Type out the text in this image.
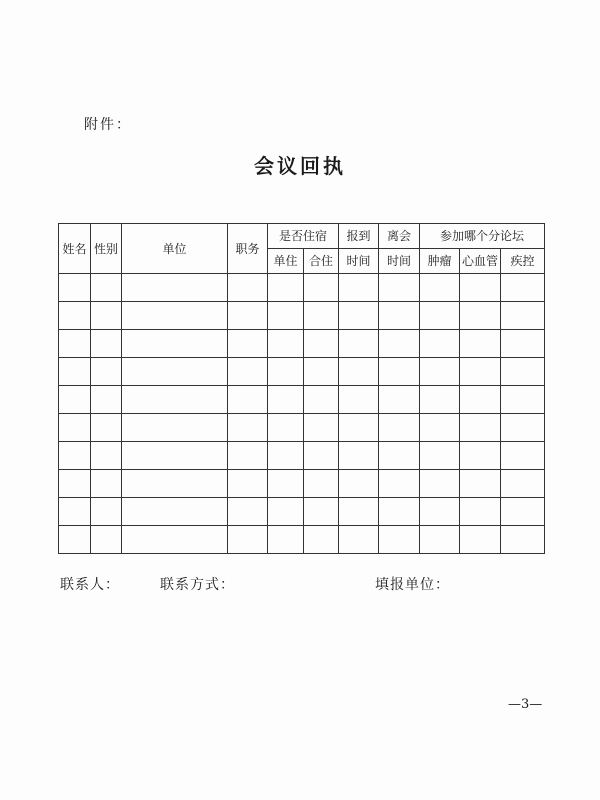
附件：
会议回执
姓名	性别	单位	职务	是否住宿		报到	离会	参加哪个分论坛		
				单住	合住	时间	时间	肿瘤	心血管	疾控

联系人：	联系方式：	填报单位：
—3—
